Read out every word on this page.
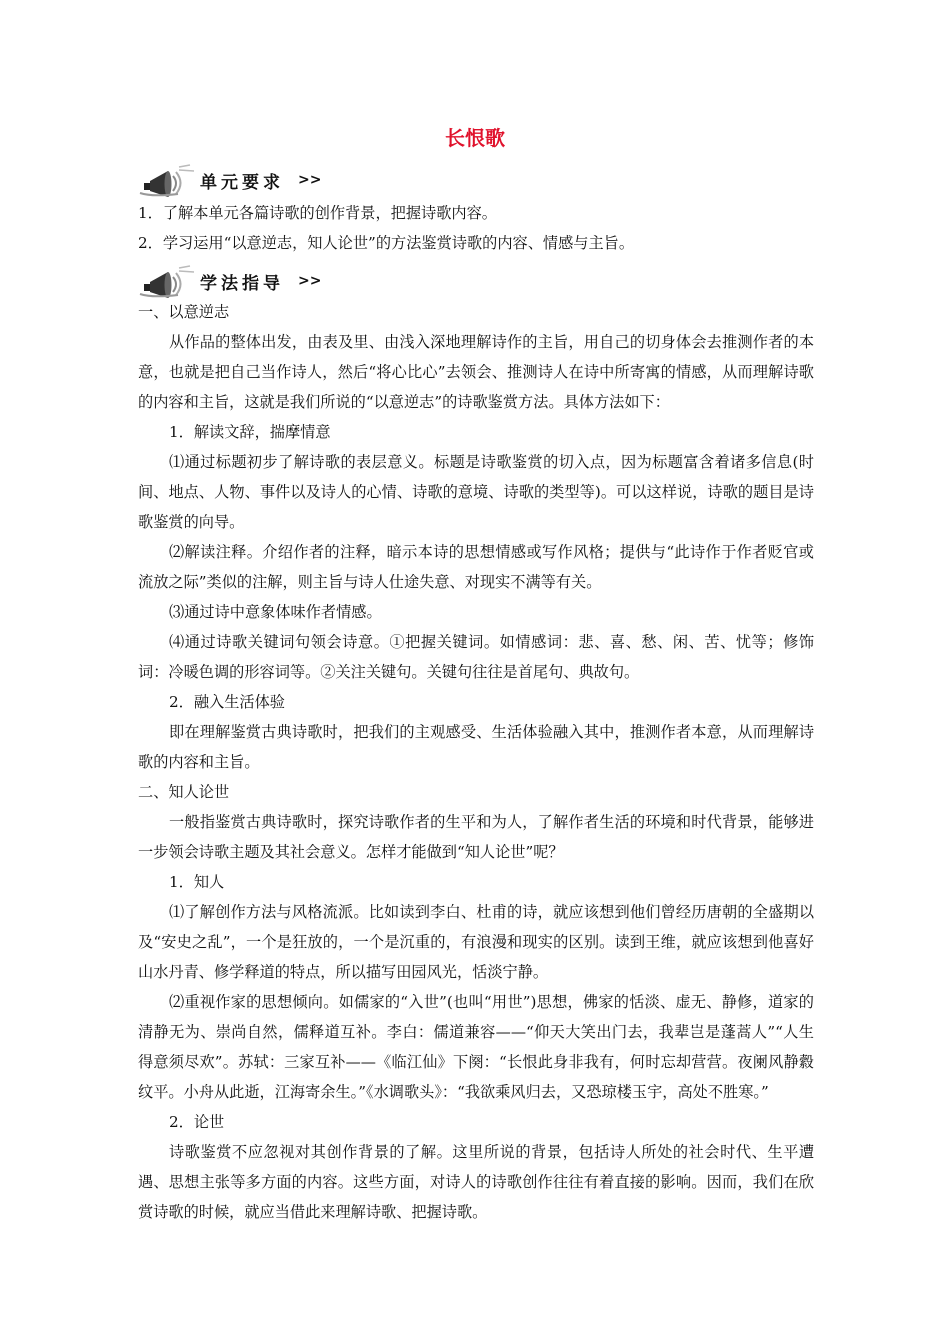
长恨歌
单元要求 >>

1．了解本单元各篇诗歌的创作背景，把握诗歌内容。

2．学习运用“以意逆志，知人论世”的方法鉴赏诗歌的内容、情感与主旨。

学法指导 >>

一、以意逆志

从作品的整体出发，由表及里、由浅入深地理解诗作的主旨，用自己的切身体会去推测作者的本意，也就是把自己当作诗人，然后“将心比心”去领会、推测诗人在诗中所寄寓的情感，从而理解诗歌的内容和主旨，这就是我们所说的“以意逆志”的诗歌鉴赏方法。具体方法如下：

1．解读文辞，揣摩情意

⑴通过标题初步了解诗歌的表层意义。标题是诗歌鉴赏的切入点，因为标题富含着诸多信息(时间、地点、人物、事件以及诗人的心情、诗歌的意境、诗歌的类型等)。可以这样说，诗歌的题目是诗歌鉴赏的向导。

⑵解读注释。介绍作者的注释，暗示本诗的思想情感或写作风格；提供与“此诗作于作者贬官或流放之际”类似的注解，则主旨与诗人仕途失意、对现实不满等有关。

⑶通过诗中意象体味作者情感。

⑷通过诗歌关键词句领会诗意。①把握关键词。如情感词：悲、喜、愁、闲、苦、忧等；修饰词：冷暖色调的形容词等。②关注关键句。关键句往往是首尾句、典故句。

2．融入生活体验

即在理解鉴赏古典诗歌时，把我们的主观感受、生活体验融入其中，推测作者本意，从而理解诗歌的内容和主旨。

二、知人论世

一般指鉴赏古典诗歌时，探究诗歌作者的生平和为人，了解作者生活的环境和时代背景，能够进一步领会诗歌主题及其社会意义。怎样才能做到“知人论世”呢？

1．知人

⑴了解创作方法与风格流派。比如读到李白、杜甫的诗，就应该想到他们曾经历唐朝的全盛期以及“安史之乱”，一个是狂放的，一个是沉重的，有浪漫和现实的区别。读到王维，就应该想到他喜好山水丹青、修学释道的特点，所以描写田园风光，恬淡宁静。

⑵重视作家的思想倾向。如儒家的“入世”(也叫“用世”)思想，佛家的恬淡、虚无、静修，道家的清静无为、崇尚自然，儒释道互补。李白：儒道兼容——“仰天大笑出门去，我辈岂是蓬蒿人”“人生得意须尽欢”。苏轼：三家互补——《临江仙》下阕：“长恨此身非我有，何时忘却营营。夜阑风静縠纹平。小舟从此逝，江海寄余生。”《水调歌头》：“我欲乘风归去，又恐琼楼玉宇，高处不胜寒。”

2．论世

诗歌鉴赏不应忽视对其创作背景的了解。这里所说的背景，包括诗人所处的社会时代、生平遭遇、思想主张等多方面的内容。这些方面，对诗人的诗歌创作往往有着直接的影响。因而，我们在欣赏诗歌的时候，就应当借此来理解诗歌、把握诗歌。
